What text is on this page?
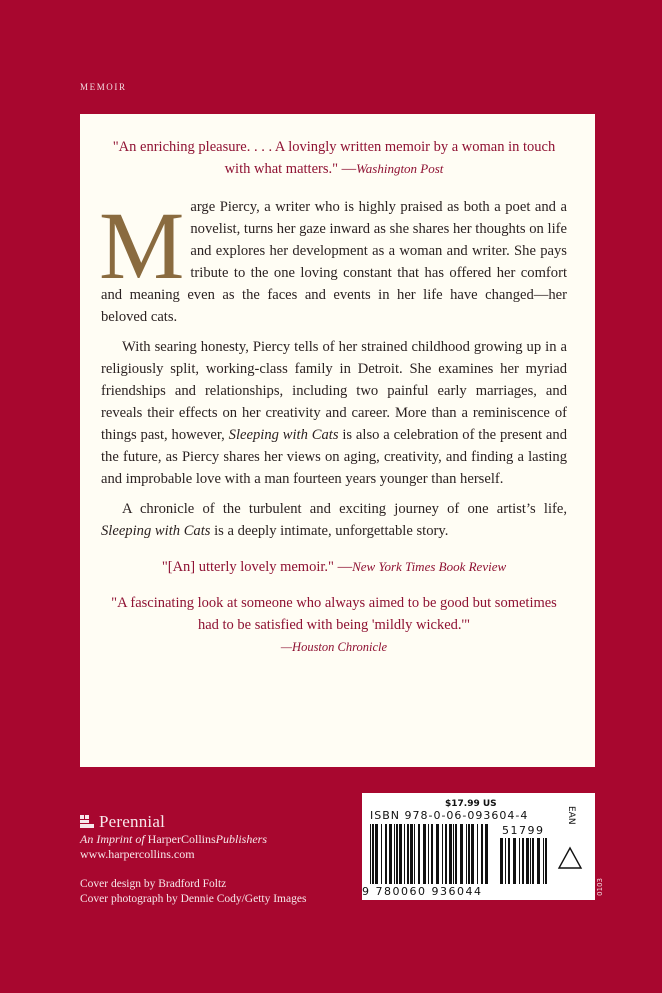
MEMOIR
"An enriching pleasure. . . . A lovingly written memoir by a woman in touch with what matters." —Washington Post

Marge Piercy, a writer who is highly praised as both a poet and a novelist, turns her gaze inward as she shares her thoughts on life and explores her development as a woman and writer. She pays tribute to the one loving constant that has offered her comfort and meaning even as the faces and events in her life have changed—her beloved cats.

With searing honesty, Piercy tells of her strained childhood growing up in a religiously split, working-class family in Detroit. She examines her myriad friendships and relationships, including two painful early marriages, and reveals their effects on her creativity and career. More than a reminiscence of things past, however, Sleeping with Cats is also a celebration of the present and the future, as Piercy shares her views on aging, creativity, and finding a lasting and improbable love with a man fourteen years younger than herself.

A chronicle of the turbulent and exciting journey of one artist’s life, Sleeping with Cats is a deeply intimate, unforgettable story.

"[An] utterly lovely memoir." —New York Times Book Review
"A fascinating look at someone who always aimed to be good but sometimes had to be satisfied with being 'mildly wicked.'"
—Houston Chronicle
Perennial
An Imprint of HarperCollinsPublishers
www.harpercollins.com
Cover design by Bradford Foltz
Cover photograph by Dennie Cody/Getty Images
$17.99 US
ISBN 978-0-06-093604-4	EAN
51799
9 780060 936044	0103
